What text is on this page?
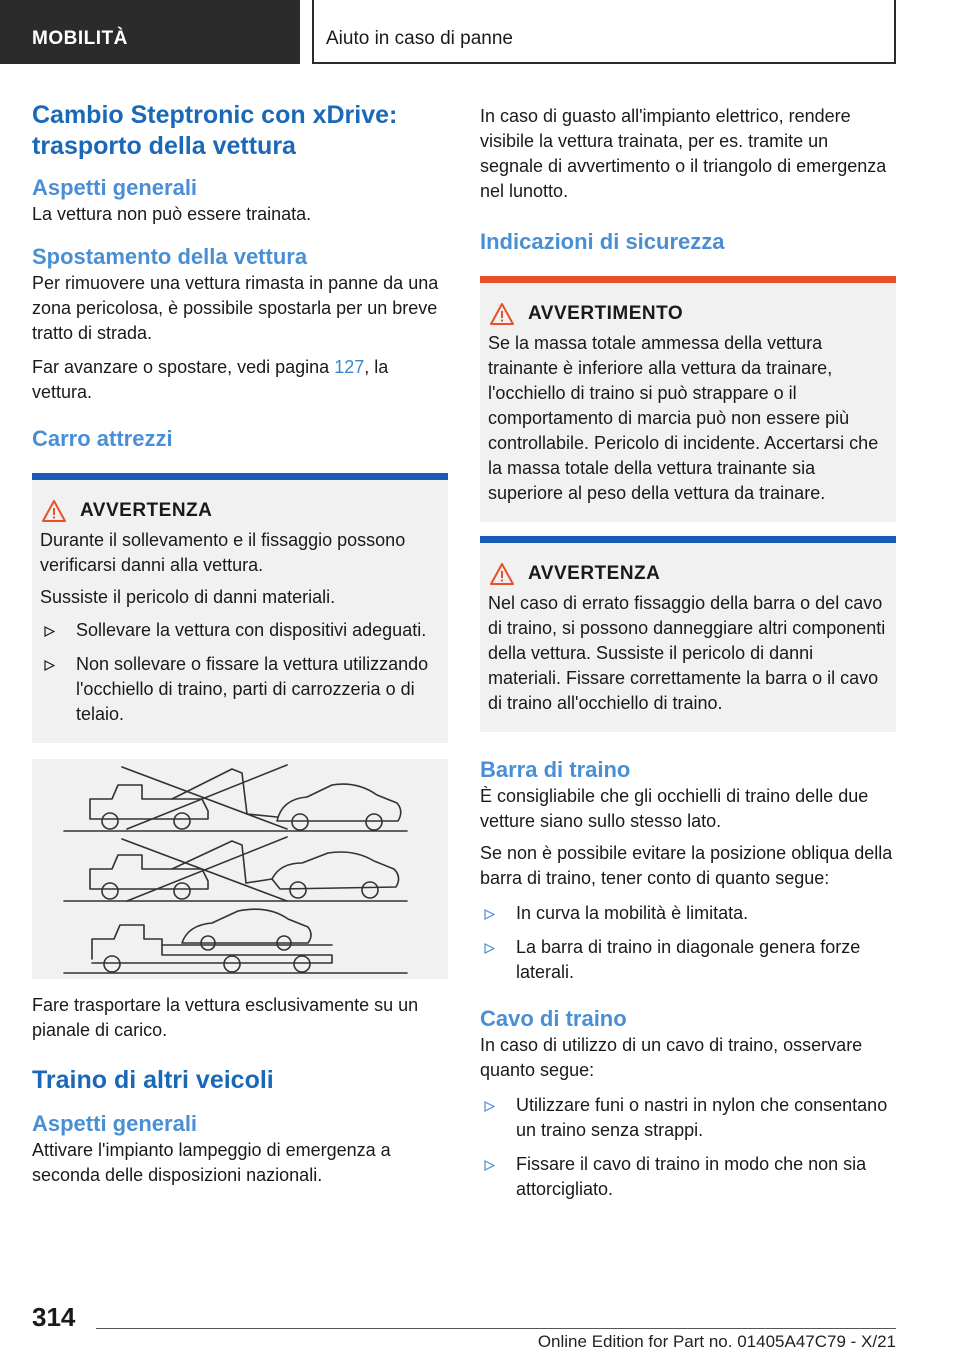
MOBILITÀ	Aiuto in caso di panne
Cambio Steptronic con xDrive: trasporto della vettura
Aspetti generali

La vettura non può essere trainata.

Spostamento della vettura

Per rimuovere una vettura rimasta in panne da una zona pericolosa, è possibile spostarla per un breve tratto di strada.

Far avanzare o spostare, vedi pagina 127, la vettura.

Carro attrezzi
AVVERTENZA

Durante il sollevamento e il fissaggio possono verificarsi danni alla vettura.

Sussiste il pericolo di danni materiali.

Sollevare la vettura con dispositivi adeguati.
Non sollevare o fissare la vettura utilizzando l'occhiello di traino, parti di carrozzeria o di telaio.

Fare trasportare la vettura esclusivamente su un pianale di carico.

Traino di altri veicoli
Aspetti generali

Attivare l'impianto lampeggio di emergenza a seconda delle disposizioni nazionali.

In caso di guasto all'impianto elettrico, rendere visibile la vettura trainata, per es. tramite un segnale di avvertimento o il triangolo di emergenza nel lunotto.

Indicazioni di sicurezza
AVVERTIMENTO

Se la massa totale ammessa della vettura trainante è inferiore alla vettura da trainare, l'occhiello di traino si può strappare o il comportamento di marcia può non essere più controllabile. Pericolo di incidente. Accertarsi che la massa totale della vettura trainante sia superiore al peso della vettura da trainare.

AVVERTENZA

Nel caso di errato fissaggio della barra o del cavo di traino, si possono danneggiare altri componenti della vettura. Sussiste il pericolo di danni materiali. Fissare correttamente la barra o il cavo di traino all'occhiello di traino.

Barra di traino

È consigliabile che gli occhielli di traino delle due vetture siano sullo stesso lato.

Se non è possibile evitare la posizione obliqua della barra di traino, tener conto di quanto segue:

In curva la mobilità è limitata.
La barra di traino in diagonale genera forze laterali.
Cavo di traino

In caso di utilizzo di un cavo di traino, osservare quanto segue:

Utilizzare funi o nastri in nylon che consentano un traino senza strappi.
Fissare il cavo di traino in modo che non sia attorcigliato.
314
Online Edition for Part no. 01405A47C79 - X/21
